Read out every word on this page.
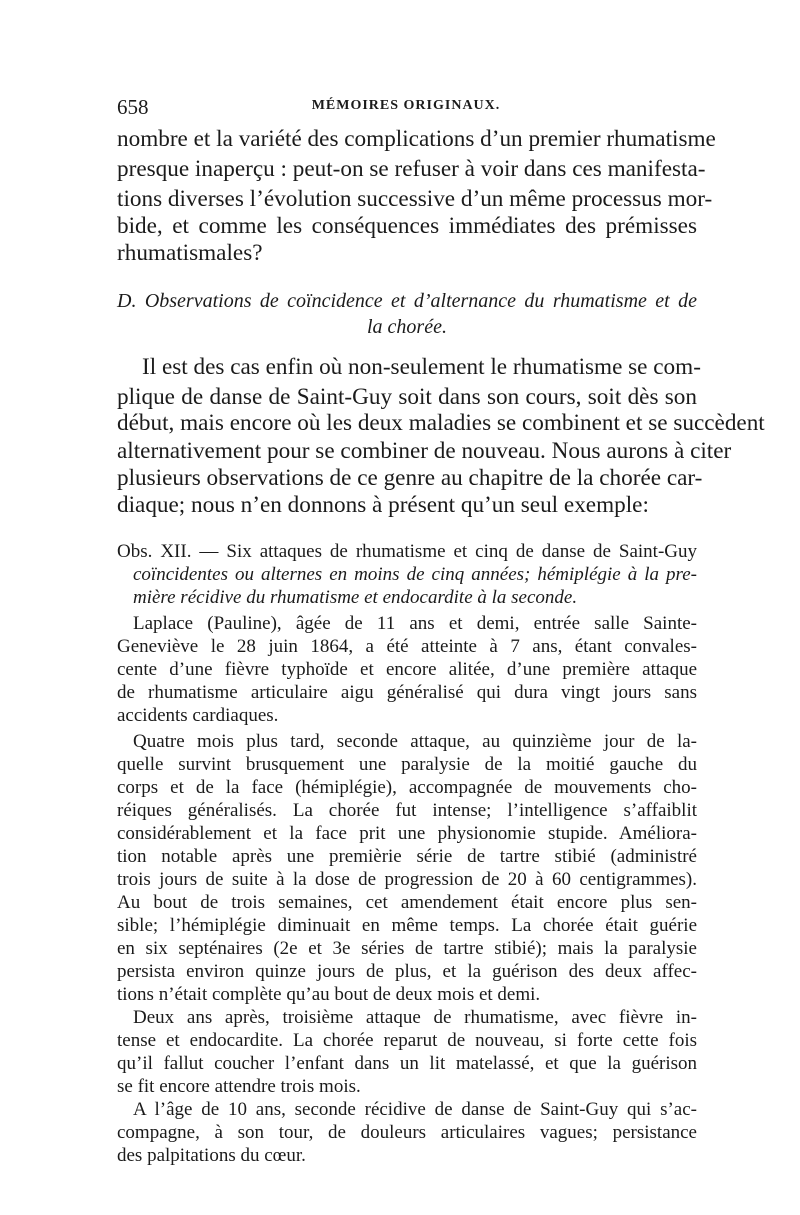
658	MÉMOIRES ORIGINAUX.
nombre et la variété des complications d’un premier rhumatisme
presque inaperçu : peut-on se refuser à voir dans ces manifesta-
tions diverses l’évolution successive d’un même processus mor-
bide, et comme les conséquences immédiates des prémisses
rhumatismales?
D. Observations de coïncidence et d’alternance du rhumatisme et de
la chorée.
Il est des cas enfin où non-seulement le rhumatisme se com-
plique de danse de Saint-Guy soit dans son cours, soit dès son
début, mais encore où les deux maladies se combinent et se succèdent
alternativement pour se combiner de nouveau. Nous aurons à citer
plusieurs observations de ce genre au chapitre de la chorée car-
diaque; nous n’en donnons à présent qu’un seul exemple:
Obs. XII. — Six attaques de rhumatisme et cinq de danse de Saint-Guy
coïncidentes ou alternes en moins de cinq années; hémiplégie à la pre-
mière récidive du rhumatisme et endocardite à la seconde.
Laplace (Pauline), âgée de 11 ans et demi, entrée salle Sainte-
Geneviève le 28 juin 1864, a été atteinte à 7 ans, étant convales-
cente d’une fièvre typhoïde et encore alitée, d’une première attaque
de rhumatisme articulaire aigu généralisé qui dura vingt jours sans
accidents cardiaques.
Quatre mois plus tard, seconde attaque, au quinzième jour de la-
quelle survint brusquement une paralysie de la moitié gauche du
corps et de la face (hémiplégie), accompagnée de mouvements cho-
réiques généralisés. La chorée fut intense; l’intelligence s’affaiblit
considérablement et la face prit une physionomie stupide. Améliora-
tion notable après une premièrie série de tartre stibié (administré
trois jours de suite à la dose de progression de 20 à 60 centigrammes).
Au bout de trois semaines, cet amendement était encore plus sen-
sible; l’hémiplégie diminuait en même temps. La chorée était guérie
en six septénaires (2e et 3e séries de tartre stibié); mais la paralysie
persista environ quinze jours de plus, et la guérison des deux affec-
tions n’était complète qu’au bout de deux mois et demi.
Deux ans après, troisième attaque de rhumatisme, avec fièvre in-
tense et endocardite. La chorée reparut de nouveau, si forte cette fois
qu’il fallut coucher l’enfant dans un lit matelassé, et que la guérison
se fit encore attendre trois mois.
A l’âge de 10 ans, seconde récidive de danse de Saint-Guy qui s’ac-
compagne, à son tour, de douleurs articulaires vagues; persistance
des palpitations du cœur.
